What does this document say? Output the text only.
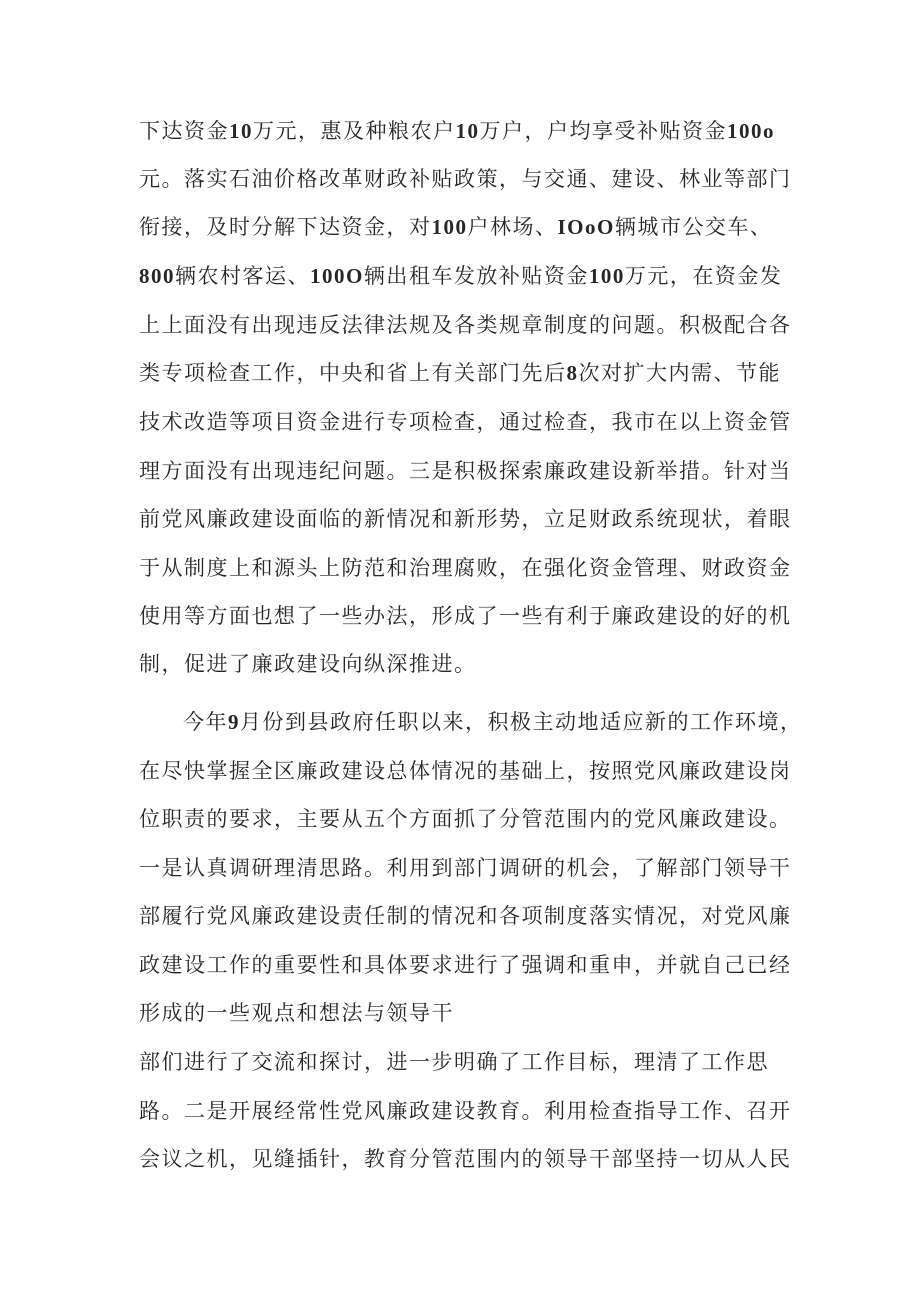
下达资金10万元，惠及种粮农户10万户，户均享受补贴资金100o
元。落实石油价格改革财政补贴政策，与交通、建设、林业等部门
衔接，及时分解下达资金，对100户林场、IOoO辆城市公交车、
800辆农村客运、100O辆出租车发放补贴资金100万元，在资金发
上上面没有出现违反法律法规及各类规章制度的问题。积极配合各
类专项检查工作，中央和省上有关部门先后8次对扩大内需、节能
技术改造等项目资金进行专项检查，通过检查，我市在以上资金管
理方面没有出现违纪问题。三是积极探索廉政建设新举措。针对当
前党风廉政建设面临的新情况和新形势，立足财政系统现状，着眼
于从制度上和源头上防范和治理腐败，在强化资金管理、财政资金
使用等方面也想了一些办法，形成了一些有利于廉政建设的好的机
制，促进了廉政建设向纵深推进。
今年9月份到县政府任职以来，积极主动地适应新的工作环境，
在尽快掌握全区廉政建设总体情况的基础上，按照党风廉政建设岗
位职责的要求，主要从五个方面抓了分管范围内的党风廉政建设。
一是认真调研理清思路。利用到部门调研的机会，了解部门领导干
部履行党风廉政建设责任制的情况和各项制度落实情况，对党风廉
政建设工作的重要性和具体要求进行了强调和重申，并就自己已经
形成的一些观点和想法与领导干
部们进行了交流和探讨，进一步明确了工作目标，理清了工作思
路。二是开展经常性党风廉政建设教育。利用检查指导工作、召开
会议之机，见缝插针，教育分管范围内的领导干部坚持一切从人民
